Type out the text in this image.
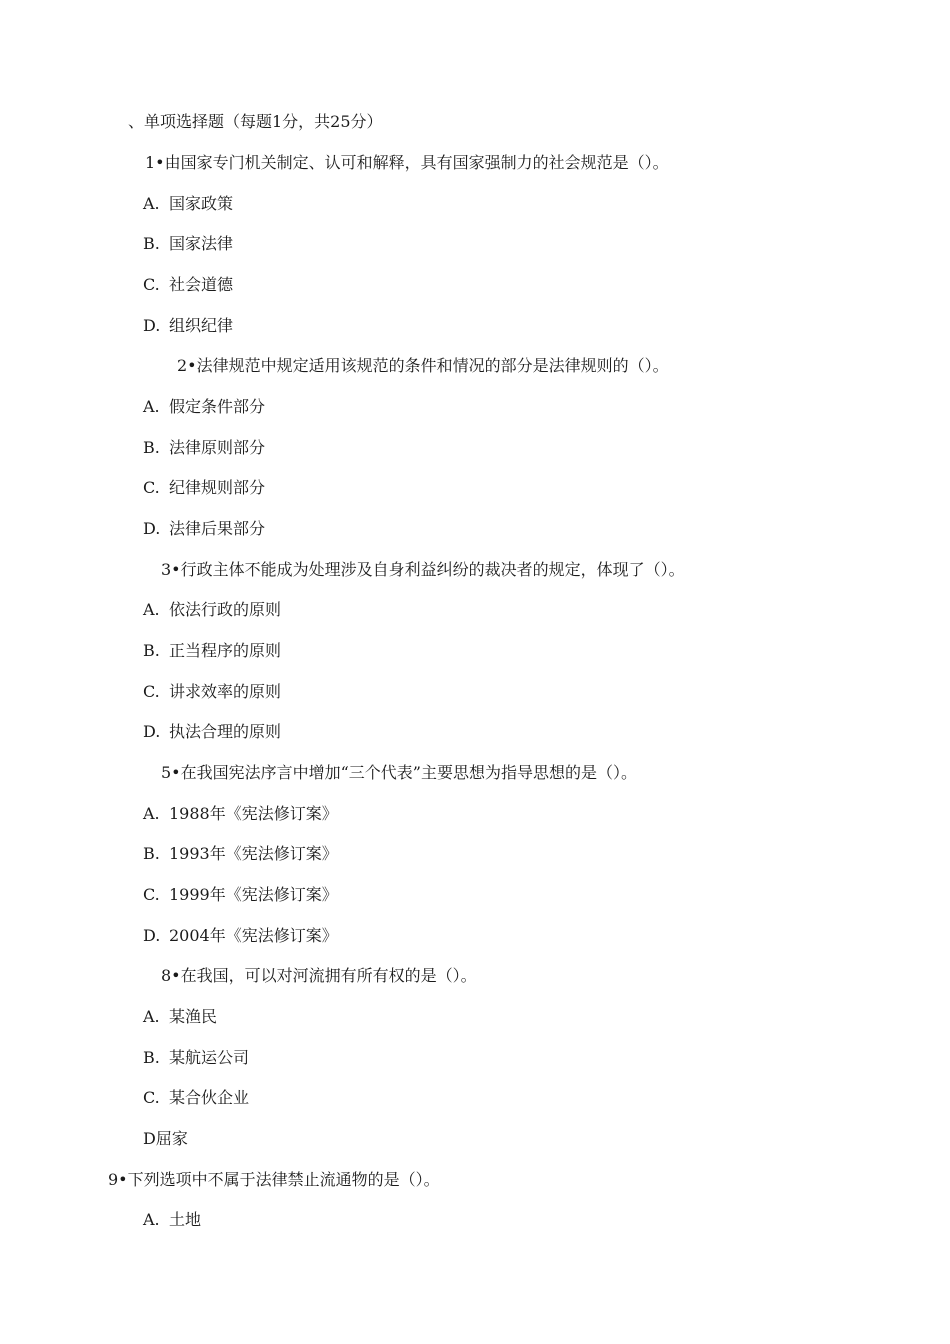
、单项选择题（每题1分，共25分）
1•由国家专门机关制定、认可和解释，具有国家强制力的社会规范是（）。
A. 国家政策
B. 国家法律
C. 社会道德
D. 组织纪律
2•法律规范中规定适用该规范的条件和情况的部分是法律规则的（）。
A. 假定条件部分
B. 法律原则部分
C. 纪律规则部分
D. 法律后果部分
3•行政主体不能成为处理涉及自身利益纠纷的裁决者的规定，体现了（）。
A. 依法行政的原则
B. 正当程序的原则
C. 讲求效率的原则
D. 执法合理的原则
5•在我国宪法序言中增加“三个代表”主要思想为指导思想的是（）。
A. 1988年《宪法修订案》
B. 1993年《宪法修订案》
C. 1999年《宪法修订案》
D. 2004年《宪法修订案》
8•在我国，可以对河流拥有所有权的是（）。
A. 某渔民
B. 某航运公司
C. 某合伙企业
D屈家
9•下列选项中不属于法律禁止流通物的是（）。
A. 土地
